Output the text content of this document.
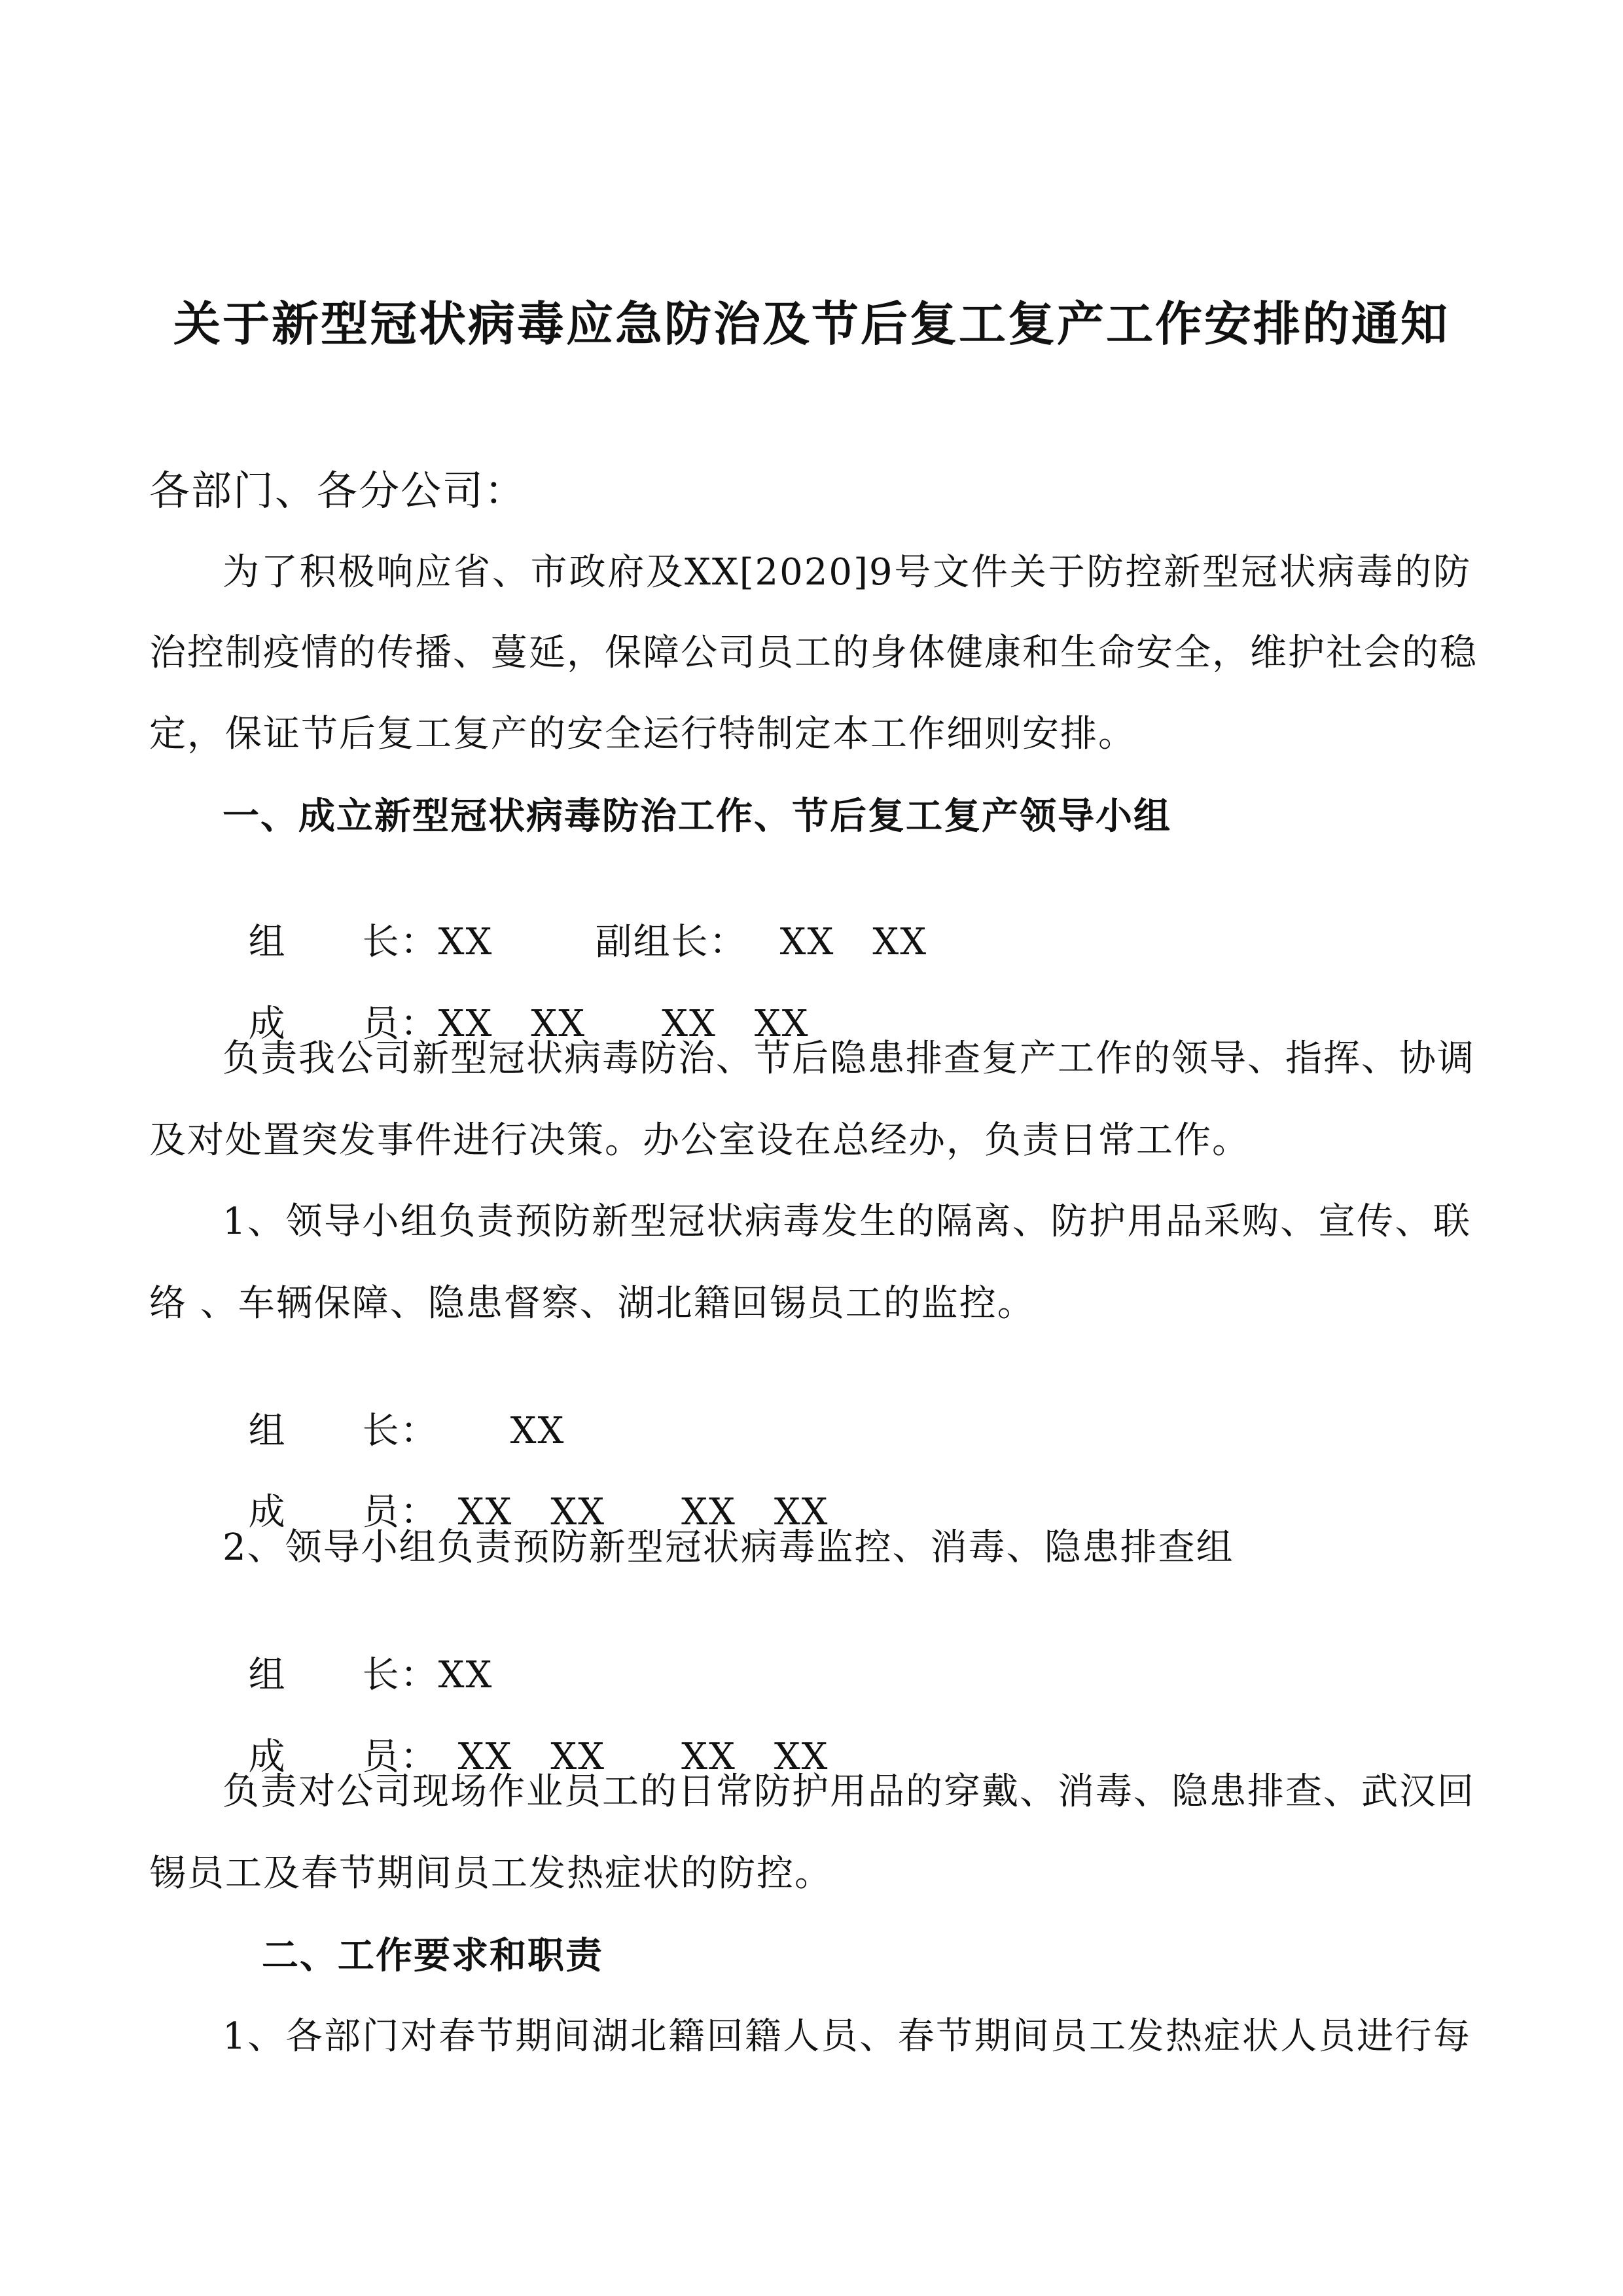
关于新型冠状病毒应急防治及节后复工复产工作安排的通知
各部门、各分公司：
为了积极响应省、市政府及XX[2020]9号文件关于防控新型冠状病毒的防
治控制疫情的传播、蔓延，保障公司员工的身体健康和生命安全，维护社会的稳
定，保证节后复工复产的安全运行特制定本工作细则安排。
一、成立新型冠状病毒防治工作、节后复工复产领导小组

组　　长：XX	副组长： XX　XX

成　　员：XX　XX　　XX　XX

负责我公司新型冠状病毒防治、节后隐患排查复产工作的领导、指挥、协调
及对处置突发事件进行决策。办公室设在总经办，负责日常工作。
1、领导小组负责预防新型冠状病毒发生的隔离、防护用品采购、宣传、联
络 、车辆保障、隐患督察、湖北籍回锡员工的监控。

组　　长： XX

成　　员： XX　XX　　XX　XX

2、领导小组负责预防新型冠状病毒监控、消毒、隐患排查组

组　　长：XX

成　　员： XX　XX　　XX　XX

负责对公司现场作业员工的日常防护用品的穿戴、消毒、隐患排查、武汉回
锡员工及春节期间员工发热症状的防控。
二、工作要求和职责
1、各部门对春节期间湖北籍回籍人员、春节期间员工发热症状人员进行每
